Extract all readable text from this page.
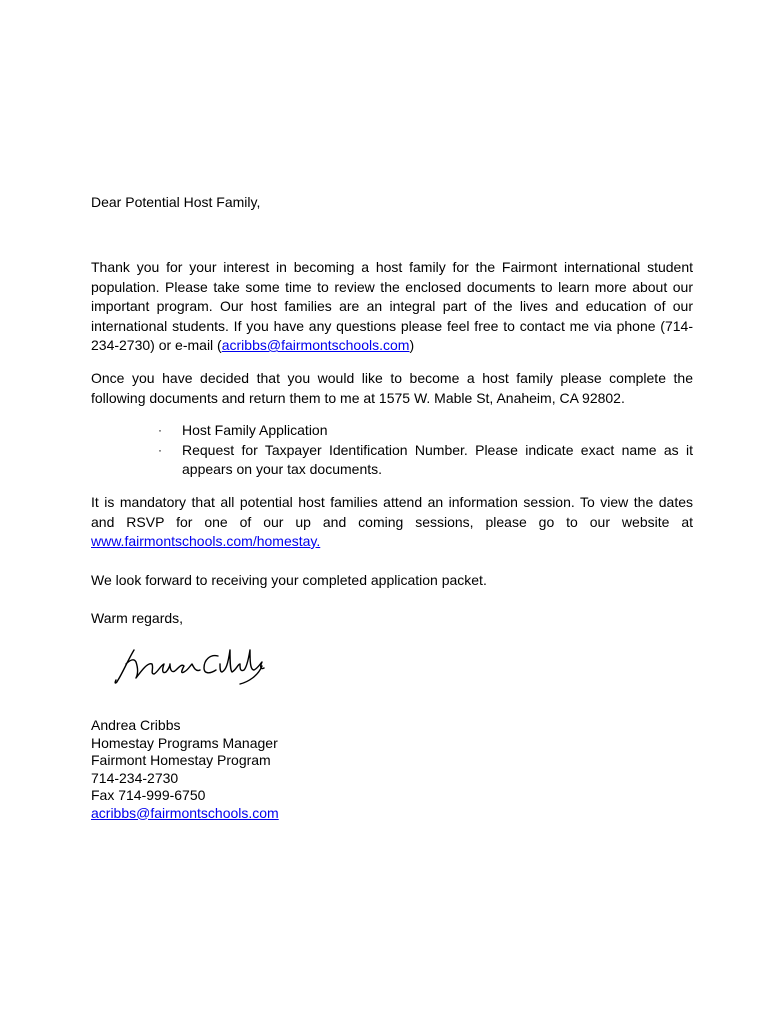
Dear Potential Host Family,

Thank you for your interest in becoming a host family for the Fairmont international student population. Please take some time to review the enclosed documents to learn more about our important program. Our host families are an integral part of the lives and education of our international students. If you have any questions please feel free to contact me via phone (714-234-2730) or e-mail (acribbs@fairmontschools.com)

Once you have decided that you would like to become a host family please complete the following documents and return them to me at 1575 W. Mable St, Anaheim, CA 92802.

·	Host Family Application
·	Request for Taxpayer Identification Number. Please indicate exact name as it appears on your tax documents.

It is mandatory that all potential host families attend an information session. To view the dates and RSVP for one of our up and coming sessions, please go to our website at www.fairmontschools.com/homestay.

We look forward to receiving your completed application packet.

Warm regards,

Andrea Cribbs
Andrea Cribbs
Homestay Programs Manager
Fairmont Homestay Program
714-234-2730
Fax 714-999-6750
acribbs@fairmontschools.com
